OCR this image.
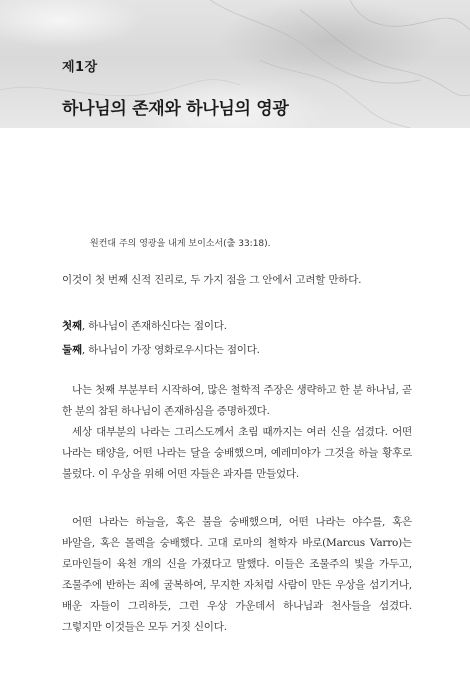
제1장
하나님의 존재와 하나님의 영광
원컨대 주의 영광을 내게 보이소서(출 33:18).
이것이 첫 번째 신적 진리로, 두 가지 점을 그 안에서 고려할 만하다.
첫째, 하나님이 존재하신다는 점이다.
둘째, 하나님이 가장 영화로우시다는 점이다.
나는 첫째 부분부터 시작하여, 많은 철학적 주장은 생략하고 한 분 하나님, 곧 한 분의 참된 하나님이 존재하심을 증명하겠다.
세상 대부분의 나라는 그리스도께서 초림 때까지는 여러 신을 섬겼다. 어떤 나라는 태양을, 어떤 나라는 달을 숭배했으며, 예레미야가 그것을 하늘 황후로 불렀다. 이 우상을 위해 어떤 자들은 과자를 만들었다.
어떤 나라는 하늘을, 혹은 불을 숭배했으며, 어떤 나라는 야수를, 혹은 바알을, 혹은 몰렉을 숭배했다. 고대 로마의 철학자 바로(Marcus Varro)는 로마인들이 육천 개의 신을 가졌다고 말했다. 이들은 조물주의 빛을 가두고, 조물주에 반하는 죄에 굴복하여, 무지한 자처럼 사람이 만든 우상을 섬기거나, 배운 자들이 그리하듯, 그런 우상 가운데서 하나님과 천사들을 섬겼다. 그렇지만 이것들은 모두 거짓 신이다.
